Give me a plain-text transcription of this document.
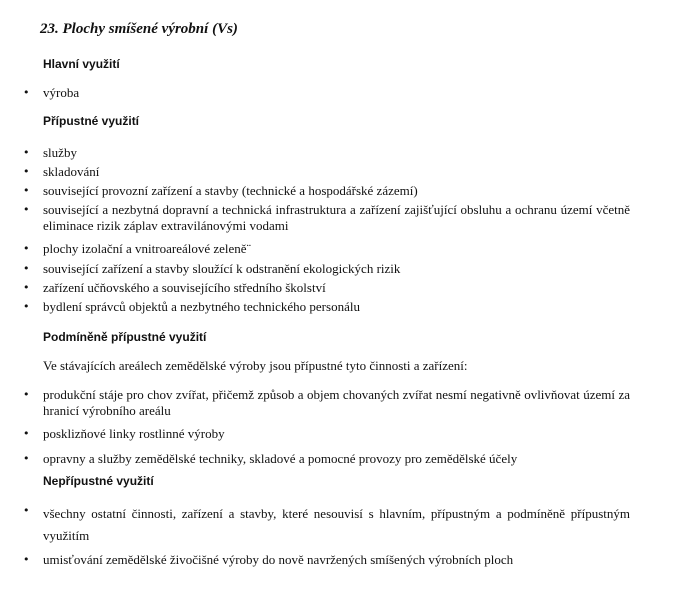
23. Plochy smíšené výrobní (Vs)
Hlavní využití
• výroba
Přípustné využití
• služby
• skladování
• související provozní zařízení a stavby (technické a hospodářské zázemí)
• související a nezbytná dopravní a technická infrastruktura a zařízení zajišťující obsluhu a ochranu území včetně eliminace rizik záplav extravilánovými vodami
• plochy izolační a vnitroareálové zeleně¨
• související zařízení a stavby sloužící k odstranění ekologických rizik
• zařízení učňovského a souvisejícího středního školství
• bydlení správců objektů a nezbytného technického personálu
Podmíněně přípustné využití
Ve stávajících areálech zemědělské výroby jsou přípustné tyto činnosti a zařízení:
• produkční stáje pro chov zvířat, přičemž způsob a objem chovaných zvířat nesmí negativně ovlivňovat území za hranicí výrobního areálu
• posklizňové linky rostlinné výroby
• opravny a služby zemědělské techniky, skladové a pomocné provozy pro zemědělské účely
Nepřípustné využití
• všechny ostatní činnosti, zařízení a stavby, které nesouvisí s hlavním, přípustným a podmíněně přípustným využitím
• umisťování zemědělské živočišné výroby do nově navržených smíšených výrobních ploch
